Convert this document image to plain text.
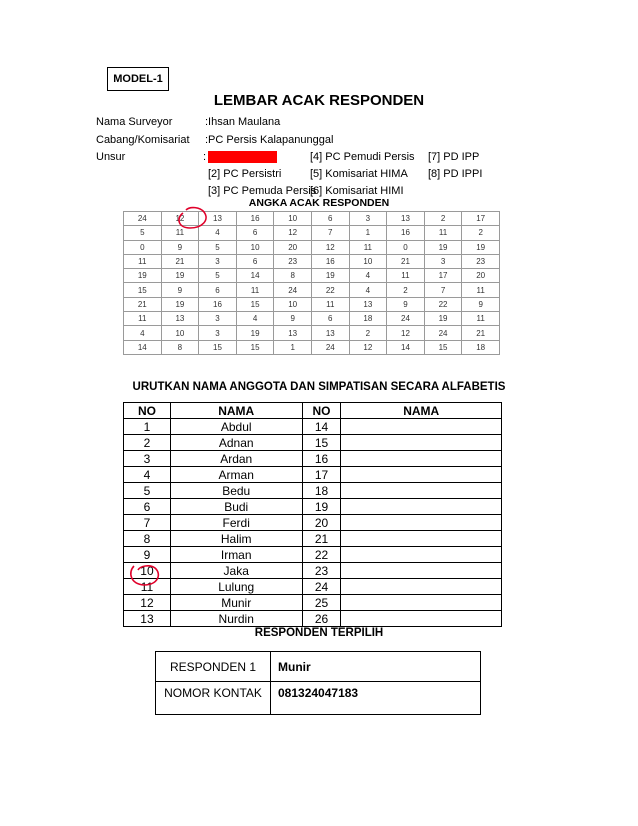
MODEL-1
LEMBAR ACAK RESPONDEN
Nama Surveyor	:Ihsan Maulana
Cabang/Komisariat :PC Persis Kalapanunggal
Unsur	: [1] PC. Persis
[2] PC Persistri
[3] PC Pemuda Persis
[4] PC Pemudi Persis
[5] Komisariat HIMA
[6] Komisariat HIMI
[7] PD IPP
[8] PD IPPI
ANGKA ACAK RESPONDEN
24	12	13	16	10	6	3	13	2	17
5	11	4	6	12	7	1	16	11	2
0	9	5	10	20	12	11	0	19	19
11	21	3	6	23	16	10	21	3	23
19	19	5	14	8	19	4	11	17	20
15	9	6	11	24	22	4	2	7	11
21	19	16	15	10	11	13	9	22	9
11	13	3	4	9	6	18	24	19	11
4	10	3	19	13	13	2	12	24	21
14	8	15	15	1	24	12	14	15	18
URUTKAN NAMA ANGGOTA DAN SIMPATISAN SECARA ALFABETIS
NO	NAMA	NO	NAMA
1	Abdul	14	
2	Adnan	15	
3	Ardan	16	
4	Arman	17	
5	Bedu	18	
6	Budi	19	
7	Ferdi	20	
8	Halim	21	
9	Irman	22	
10	Jaka	23	
11	Lulung	24	
12	Munir	25	
13	Nurdin	26	
RESPONDEN TERPILIH
RESPONDEN 1	Munir
NOMOR KONTAK	081324047183
